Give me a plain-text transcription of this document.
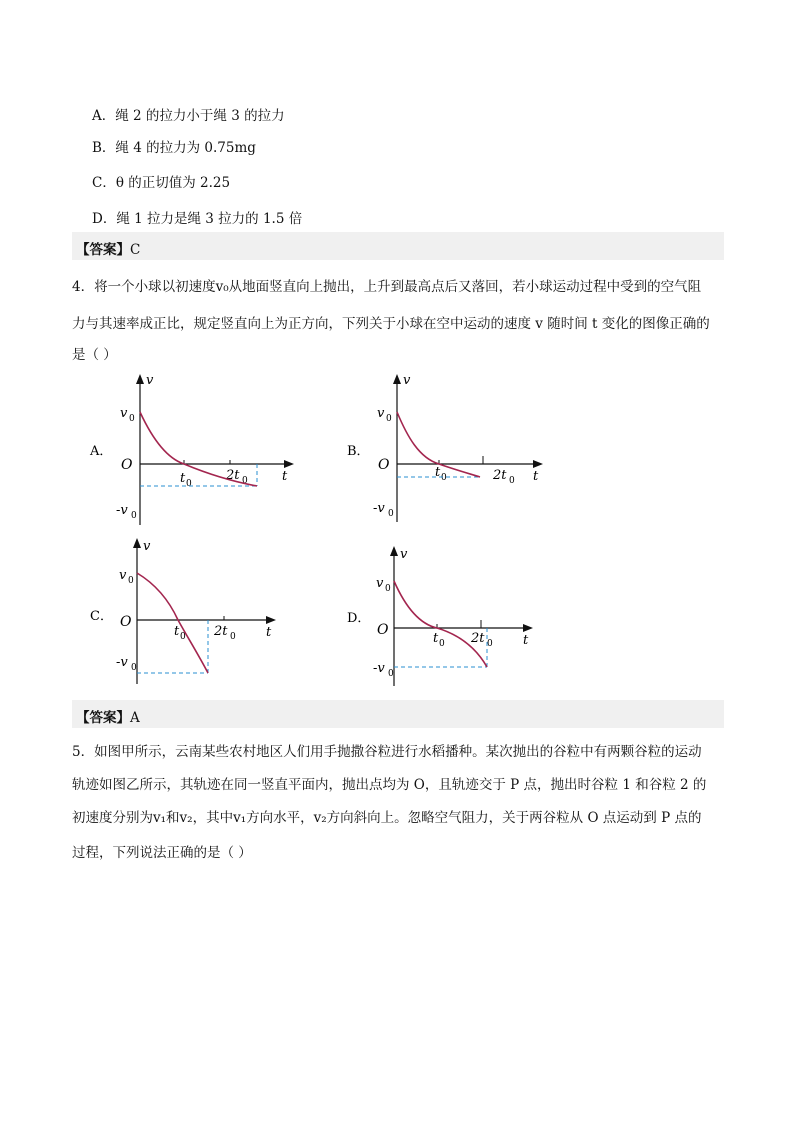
A．绳 2 的拉力小于绳 3 的拉力
B．绳 4 的拉力为 0.75mg
C．θ 的正切值为 2.25
D．绳 1 拉力是绳 3 拉力的 1.5 倍
【答案】C
4．将一个小球以初速度v₀从地面竖直向上抛出，上升到最高点后又落回，若小球运动过程中受到的空气阻
力与其速率成正比，规定竖直向上为正方向，下列关于小球在空中运动的速度 v 随时间 t 变化的图像正确的
是（ ）
A．
v
v 0
O
t 0
2t 0	t
-v 0
B．
v
v 0
O	t 0	2t 0 t
-v 0
C．
v
v 0
O
t 0 2t 0 t
-v 0
D．
v
v 0
O
t 0 2t 0 t
-v 0
【答案】A
5．如图甲所示，云南某些农村地区人们用手抛撒谷粒进行水稻播种。某次抛出的谷粒中有两颗谷粒的运动
轨迹如图乙所示，其轨迹在同一竖直平面内，抛出点均为 O，且轨迹交于 P 点，抛出时谷粒 1 和谷粒 2 的
初速度分别为v₁和v₂，其中v₁方向水平，v₂方向斜向上。忽略空气阻力，关于两谷粒从 O 点运动到 P 点的
过程，下列说法正确的是（ ）
